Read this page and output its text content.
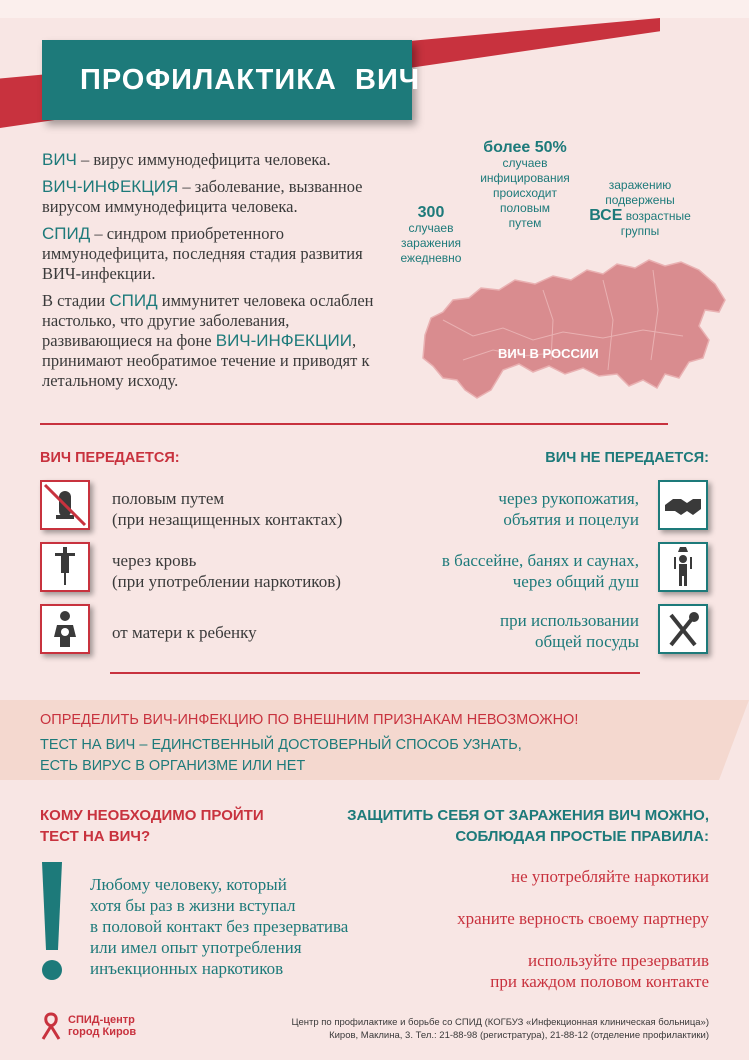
ПРОФИЛАКТИКА ВИЧ

ВИЧ – вирус иммунодефицита человека.

ВИЧ-ИНФЕКЦИЯ – заболевание, вызванное вирусом иммунодефицита человека.

СПИД – синдром приобретенного иммунодефицита, последняя стадия развития ВИЧ-инфекции.

В стадии СПИД иммунитет человека ослаблен настолько, что другие заболевания, развивающиеся на фоне ВИЧ-ИНФЕКЦИИ, принимают необратимое течение и приводят к летальному исходу.

300
случаев
заражения
ежедневно
более 50%
случаев
инфицирования
происходит
половым
путем
заражению
подвержены
ВСЕ возрастные
группы
ВИЧ В РОССИИ
ВИЧ ПЕРЕДАЕТСЯ:	ВИЧ НЕ ПЕРЕДАЕТСЯ:
половым путем
(при незащищенных контактах)
через кровь
(при употреблении наркотиков)
от матери к ребенку
через рукопожатия,
объятия и поцелуи
в бассейне, банях и саунах,
через общий душ
при использовании
общей посуды
ОПРЕДЕЛИТЬ ВИЧ-ИНФЕКЦИЮ ПО ВНЕШНИМ ПРИЗНАКАМ НЕВОЗМОЖНО!
ТЕСТ НА ВИЧ – ЕДИНСТВЕННЫЙ ДОСТОВЕРНЫЙ СПОСОБ УЗНАТЬ,
ЕСТЬ ВИРУС В ОРГАНИЗМЕ ИЛИ НЕТ
КОМУ НЕОБХОДИМО ПРОЙТИ
ТЕСТ НА ВИЧ?
ЗАЩИТИТЬ СЕБЯ ОТ ЗАРАЖЕНИЯ ВИЧ МОЖНО,
СОБЛЮДАЯ ПРОСТЫЕ ПРАВИЛА:
Любому человеку, который
хотя бы раз в жизни вступал
в половой контакт без презерватива
или имел опыт употребления
инъекционных наркотиков
не употребляйте наркотики
храните верность своему партнеру
используйте презерватив
при каждом половом контакте
СПИД-центр
город Киров
Центр по профилактике и борьбе со СПИД (КОГБУЗ «Инфекционная клиническая больница»)
Киров, Маклина, 3. Тел.: 21-88-98 (регистратура), 21-88-12 (отделение профилактики)
